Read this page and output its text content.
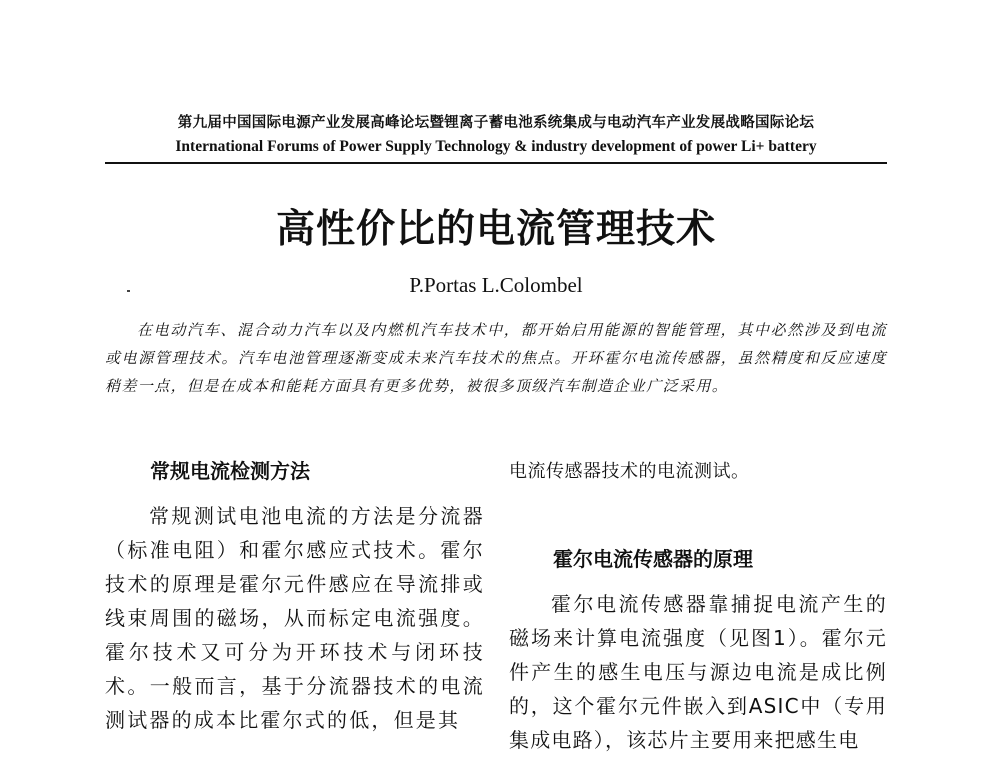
第九届中国国际电源产业发展高峰论坛暨锂离子蓄电池系统集成与电动汽车产业发展战略国际论坛
International Forums of Power Supply Technology & industry development of power Li+ battery
高性价比的电流管理技术
P.Portas L.Colombel
在电动汽车、混合动力汽车以及内燃机汽车技术中，都开始启用能源的智能管理，其中必然涉及到电流或电源管理技术。汽车电池管理逐渐变成未来汽车技术的焦点。开环霍尔电流传感器，虽然精度和反应速度稍差一点，但是在成本和能耗方面具有更多优势，被很多顶级汽车制造企业广泛采用。
常规电流检测方法
常规测试电池电流的方法是分流器（标准电阻）和霍尔感应式技术。霍尔技术的原理是霍尔元件感应在导流排或线束周围的磁场，从而标定电流强度。霍尔技术又可分为开环技术与闭环技术。一般而言，基于分流器技术的电流测试器的成本比霍尔式的低，但是其
电流传感器技术的电流测试。
霍尔电流传感器的原理
霍尔电流传感器靠捕捉电流产生的磁场来计算电流强度（见图1）。霍尔元件产生的感生电压与源边电流是成比例的，这个霍尔元件嵌入到ASIC中（专用集成电路），该芯片主要用来把感生电
